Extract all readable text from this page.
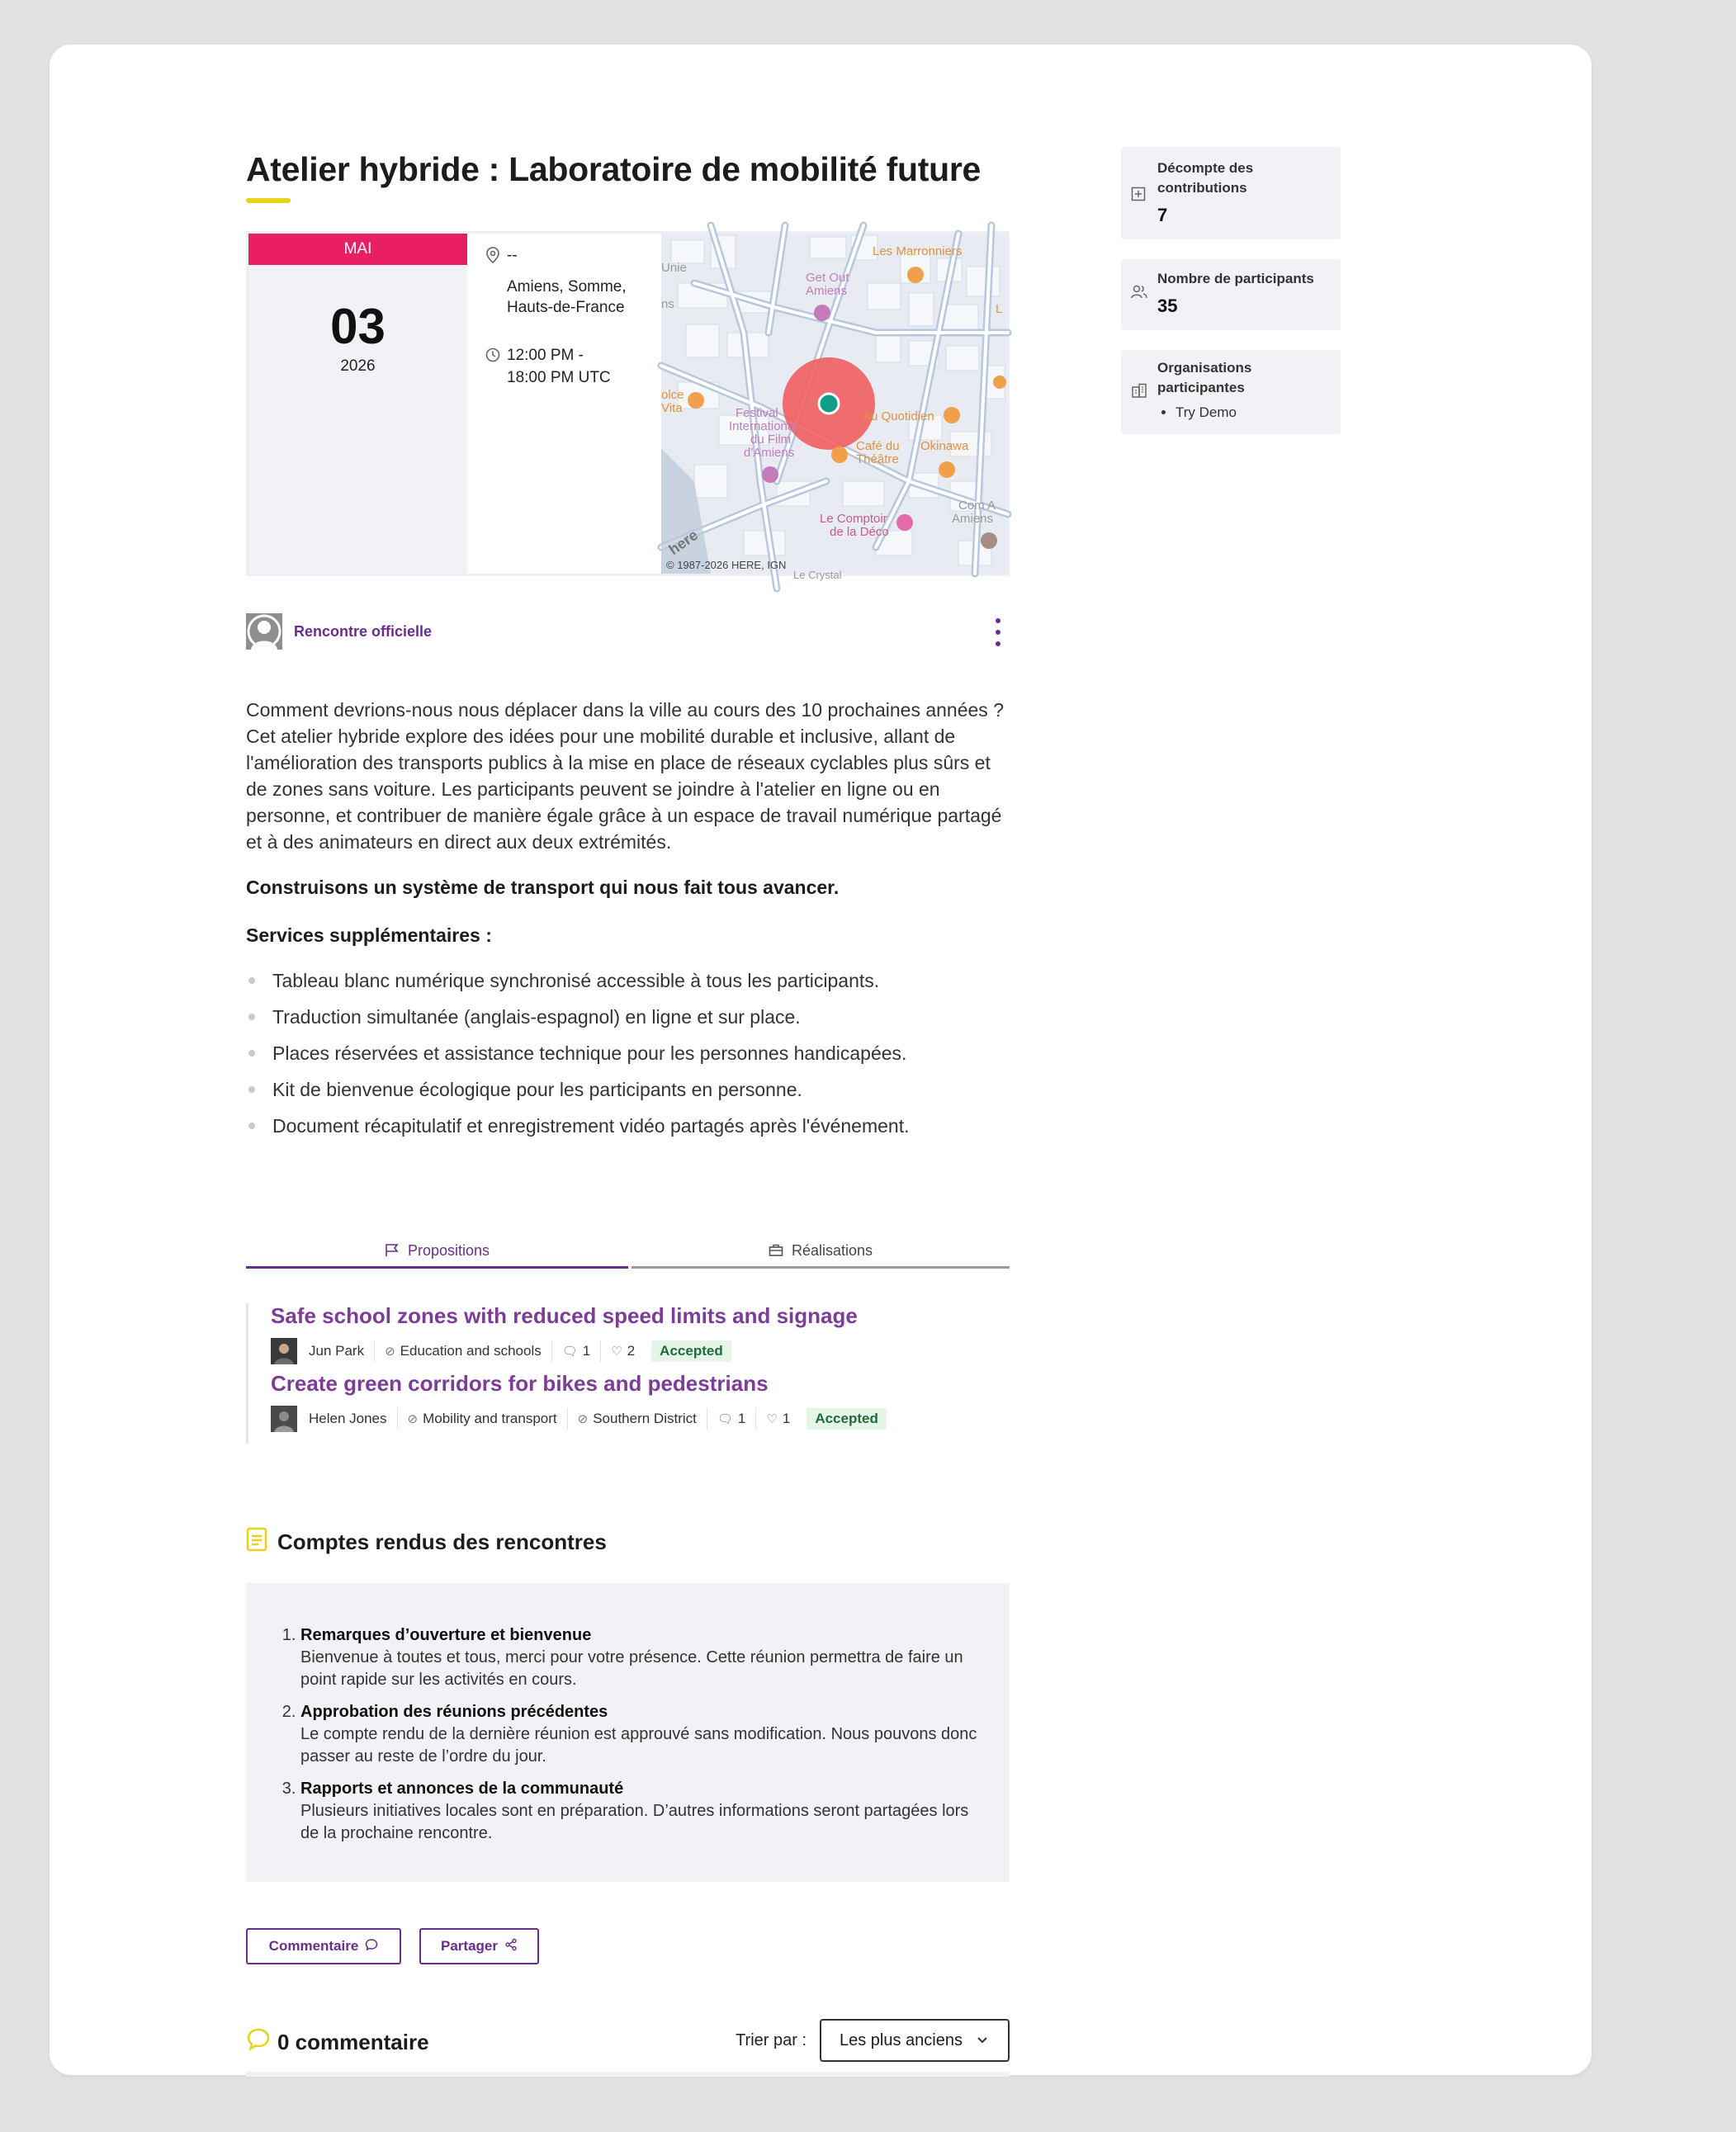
Atelier hybride : Laboratoire de mobilité future
MAI
03
2026
--
Amiens, Somme,
Hauts-de-France
12:00 PM -
18:00 PM UTC
Get Out
Amiens
Festival
International
du Film
d'Amiens
Les Marronniers
olce
Vita
Au Quotidien
Café du
Théâtre
Okinawa
L
Unie
ns
Com A
Amiens
Le Comptoir
de la Déco
here
© 1987-2026 HERE, IGN
Le Crystal
Rencontre officielle

Comment devrions-nous nous déplacer dans la ville au cours des 10 prochaines années ? Cet atelier hybride explore des idées pour une mobilité durable et inclusive, allant de l'amélioration des transports publics à la mise en place de réseaux cyclables plus sûrs et de zones sans voiture. Les participants peuvent se joindre à l'atelier en ligne ou en personne, et contribuer de manière égale grâce à un espace de travail numérique partagé et à des animateurs en direct aux deux extrémités.

Construisons un système de transport qui nous fait tous avancer.

Services supplémentaires :

Tableau blanc numérique synchronisé accessible à tous les participants.
Traduction simultanée (anglais-espagnol) en ligne et sur place.
Places réservées et assistance technique pour les personnes handicapées.
Kit de bienvenue écologique pour les participants en personne.
Document récapitulatif et enregistrement vidéo partagés après l'événement.
Propositions	Réalisations
Safe school zones with reduced speed limits and signage
Jun Park ⊘ Education and schools 🗨 1 ♡ 2	Accepted
Create green corridors for bikes and pedestrians
Helen Jones ⊘ Mobility and transport ⊘ Southern District 🗨 1 ♡ 1	Accepted
Comptes rendus des rencontres
1. Remarques d’ouverture et bienvenue
Bienvenue à toutes et tous, merci pour votre présence. Cette réunion permettra de faire un point rapide sur les activités en cours.
2. Approbation des réunions précédentes
Le compte rendu de la dernière réunion est approuvé sans modification. Nous pouvons donc passer au reste de l’ordre du jour.
3. Rapports et annonces de la communauté
Plusieurs initiatives locales sont en préparation. D’autres informations seront partagées lors de la prochaine rencontre.
Commentaire	Partager
0 commentaire	Trier par : Les plus anciens
Décompte des
contributions
7
Nombre de participants
35
Organisations
participantes
• Try Demo
